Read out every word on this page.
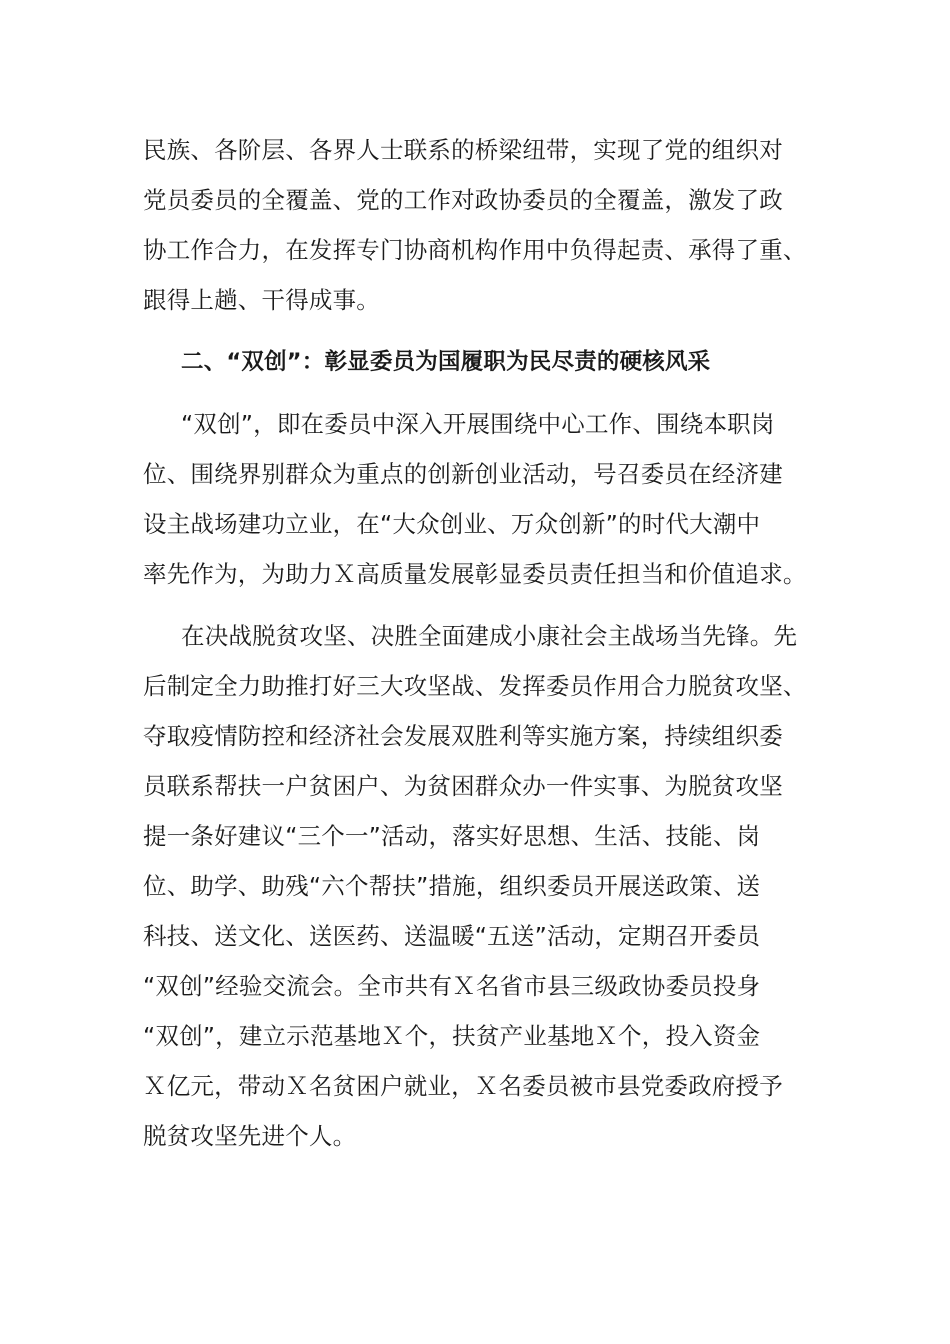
民族、各阶层、各界人士联系的桥梁纽带，实现了党的组织对
党员委员的全覆盖、党的工作对政协委员的全覆盖，激发了政
协工作合力，在发挥专门协商机构作用中负得起责、承得了重、
跟得上趟、干得成事。
二、“双创”：彰显委员为国履职为民尽责的硬核风采
“双创”，即在委员中深入开展围绕中心工作、围绕本职岗
位、围绕界别群众为重点的创新创业活动，号召委员在经济建
设主战场建功立业，在“大众创业、万众创新”的时代大潮中
率先作为，为助力Ｘ高质量发展彰显委员责任担当和价值追求。
在决战脱贫攻坚、决胜全面建成小康社会主战场当先锋。先
后制定全力助推打好三大攻坚战、发挥委员作用合力脱贫攻坚、
夺取疫情防控和经济社会发展双胜利等实施方案，持续组织委
员联系帮扶一户贫困户、为贫困群众办一件实事、为脱贫攻坚
提一条好建议“三个一”活动，落实好思想、生活、技能、岗
位、助学、助残“六个帮扶”措施，组织委员开展送政策、送
科技、送文化、送医药、送温暖“五送”活动，定期召开委员
“双创”经验交流会。全市共有Ｘ名省市县三级政协委员投身
“双创”，建立示范基地Ｘ个，扶贫产业基地Ｘ个，投入资金
Ｘ亿元，带动Ｘ名贫困户就业，Ｘ名委员被市县党委政府授予
脱贫攻坚先进个人。
